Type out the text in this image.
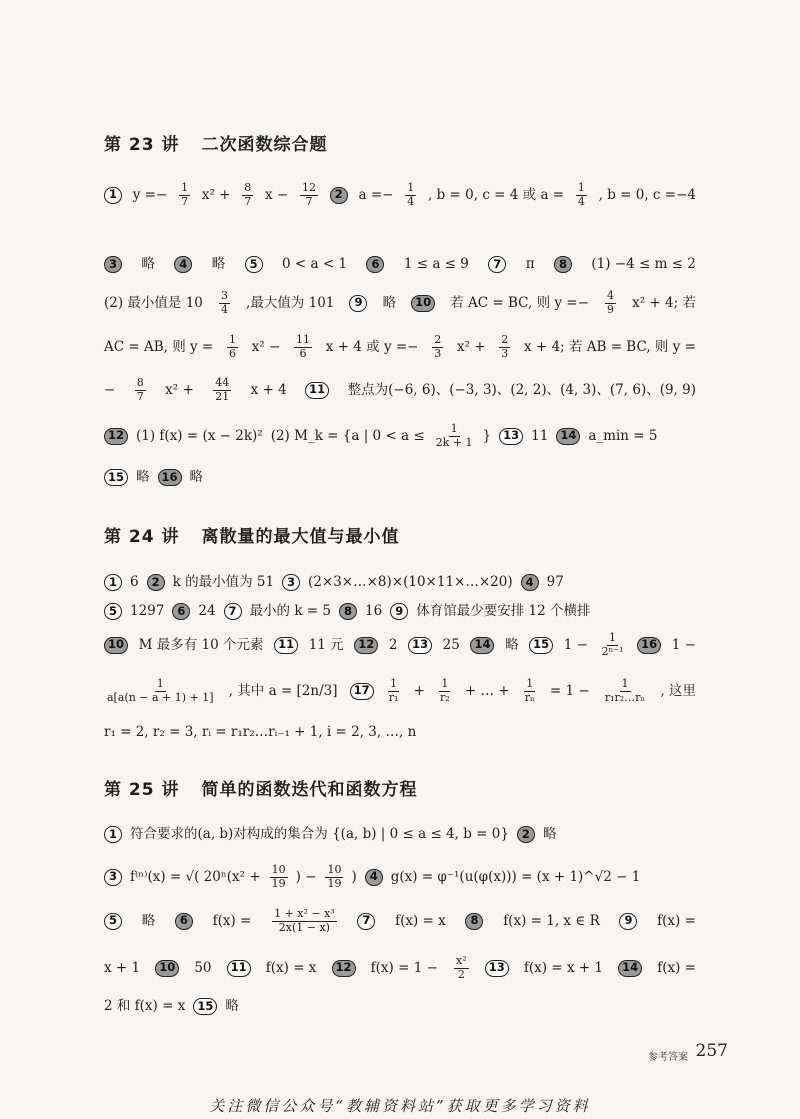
第 23 讲 二次函数综合题
1	$y =- \frac{1}{7} x^2 + \frac{8}{7}$ $x - \frac{12}{7}$	2	$a =- \frac{1}{4}$ , b = 0, c = 4 或 $a = \frac{1}{4}$ , b = 0, c =−4
3	略	4	略	5	0 < a < 1	6	1 ≤ a ≤ 9	7	π	8	(1) −4 ≤ m ≤ 2
(2) 最小值是 $10 \frac{3}{4}$ ,最大值为 101	9	略	10 若 AC = BC, 则 $y =- \frac{4}{9} x^2 + 4$; 若
AC = AB, 则 $y = \frac{1}{6} x^2 - \frac{11}{6}$ x + 4 或 $y =- \frac{2}{3} x^2 + \frac{2}{3}$ x + 4; 若 AB = BC, 则 y =
− $\frac{8}{7} x^2 + \frac{44}{21}$ x + 4	11 整点为(−6, 6)、(−3, 3)、(2, 2)、(4, 3)、(7, 6)、(9, 9)
12 (1) f(x) = (x − 2k)² (2) M_k = {a | $0 < a \le \frac{1}{2k + 1}$ }	13 11	14 a_min = 5
15 略	16 略
第 24 讲 离散量的最大值与最小值
1 6	2 k 的最小值为 51	3 (2×3×…×8)×(10×11×…×20)	4 97
5 1297	6 24	7 最小的 k = 5	8 16	9 体育馆最少要安排 12 个横排
10 M 最多有 10 个元素	11 11 元	12 2	13 25	14 略	15 $1 - \frac{1}{\text{2ⁿ⁻¹}}$	16 1 −
$\frac{1}{a[a(n - a + 1) + 1]}$ , 其中 a = [2n/3]	17	$\frac{1}{\text{r₁}} + \frac{1}{\text{r₂}}$ + … + $\frac{1}{\text{rₙ}} = 1 - \frac{1}{\text{r₁r₂…rₙ}}$ , 这里
r₁ = 2, r₂ = 3, rᵢ = r₁r₂…rᵢ₋₁ + 1, i = 2, 3, …, n
第 25 讲 简单的函数迭代和函数方程
1 符合要求的(a, b)对构成的集合为 {(a, b) | 0 ≤ a ≤ 4, b = 0}	2 略
3 f⁽ⁿ⁾(x) = √( $20^n(x^2 + \frac{10}{19}$ ) − $\frac{10}{19}$ )	4 g(x) = φ⁻¹(u(φ(x))) = (x + 1)^√2 − 1
5	略	6	$f(x) = \frac{\text{1 + x² − x³}}{2x(1 - x)}$	7	f(x) = x	8	f(x) = 1, x ∈ R	9	f(x) =
x + 1	10 50	11 f(x) = x	12 $f(x) = 1 - \frac{\text{x²}}{2}$	13 f(x) = x + 1	14 f(x) =
2 和 f(x) = x	15 略
参考答案 257
关注微信公众号“教辅资料站”获取更多学习资料
